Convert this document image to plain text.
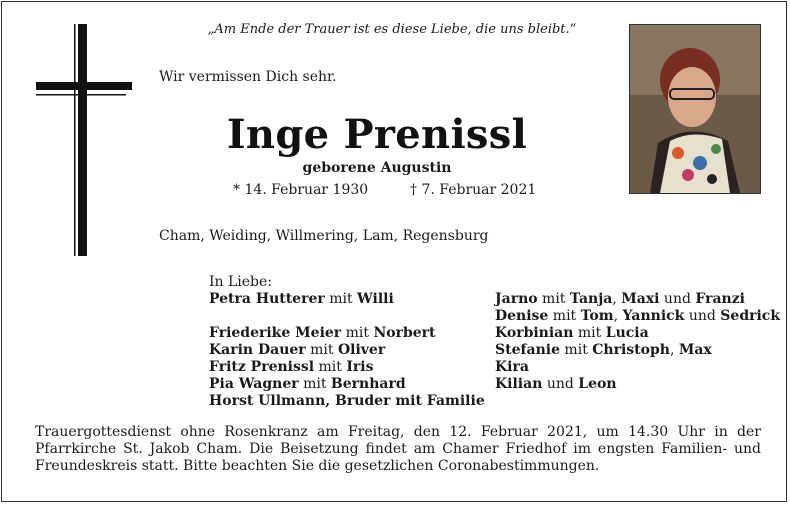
„Am Ende der Trauer ist es diese Liebe, die uns bleibt.“
Wir vermissen Dich sehr.
Inge Prenissl
geborene Augustin
* 14. Februar 1930	† 7. Februar 2021
Cham, Weiding, Willmering, Lam, Regensburg
In Liebe:
Petra Hutterer mit Willi
Friederike Meier mit Norbert
Karin Dauer mit Oliver
Fritz Prenissl mit Iris
Pia Wagner mit Bernhard
Horst Ullmann, Bruder mit Familie
Jarno mit Tanja, Maxi und Franzi
Denise mit Tom, Yannick und Sedrick
Korbinian mit Lucia
Stefanie mit Christoph, Max
Kira
Kilian und Leon
Trauergottesdienst ohne Rosenkranz am Freitag, den 12. Februar 2021, um 14.30 Uhr in der Pfarrkirche St. Jakob Cham. Die Beisetzung findet am Chamer Friedhof im engsten Familien- und Freundeskreis statt. Bitte beachten Sie die gesetzlichen Coronabestimmungen.
